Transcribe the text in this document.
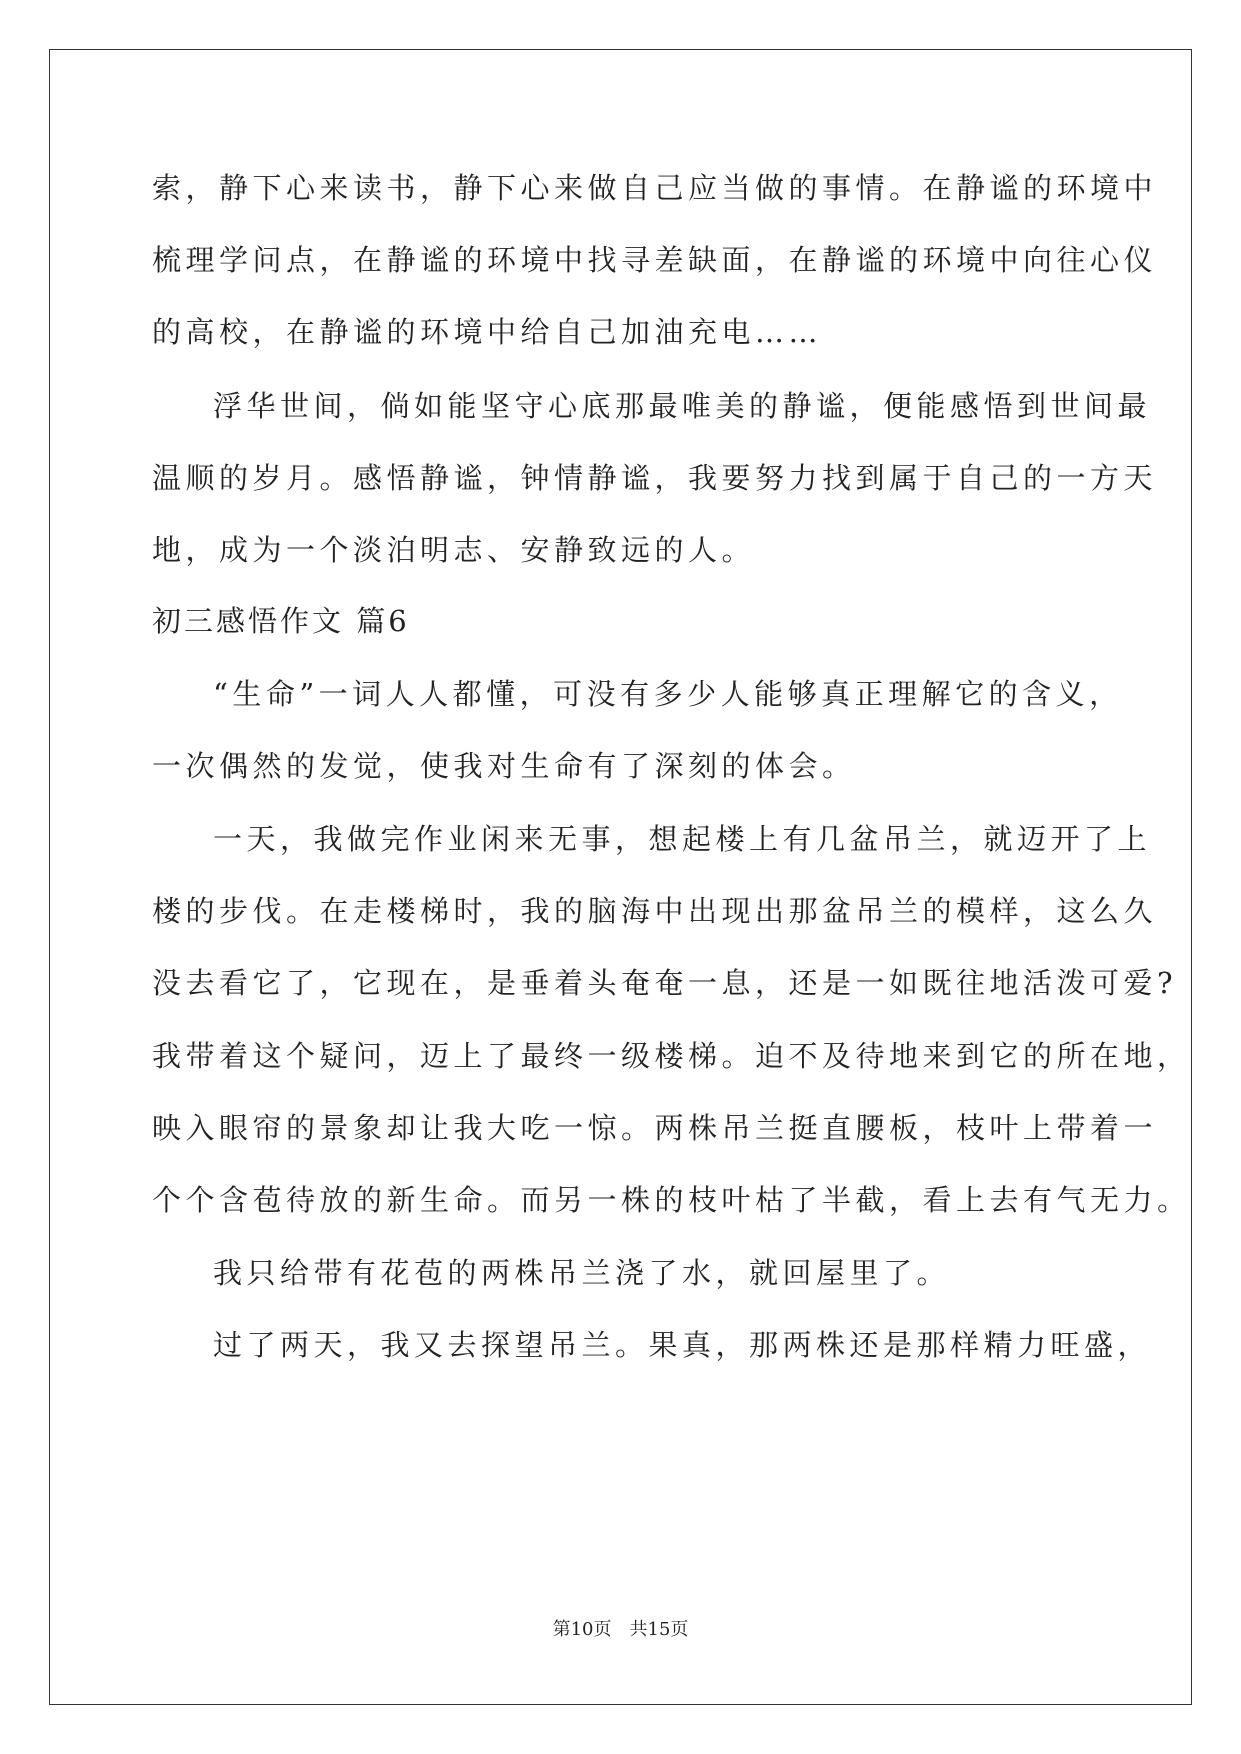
索，静下心来读书，静下心来做自己应当做的事情。在静谧的环境中
梳理学问点，在静谧的环境中找寻差缺面，在静谧的环境中向往心仪
的高校，在静谧的环境中给自己加油充电……
浮华世间，倘如能坚守心底那最唯美的静谧，便能感悟到世间最
温顺的岁月。感悟静谧，钟情静谧，我要努力找到属于自己的一方天
地，成为一个淡泊明志、安静致远的人。
初三感悟作文 篇6
“生命”一词人人都懂，可没有多少人能够真正理解它的含义，
一次偶然的发觉，使我对生命有了深刻的体会。
一天，我做完作业闲来无事，想起楼上有几盆吊兰，就迈开了上
楼的步伐。在走楼梯时，我的脑海中出现出那盆吊兰的模样，这么久
没去看它了，它现在，是垂着头奄奄一息，还是一如既往地活泼可爱?
我带着这个疑问，迈上了最终一级楼梯。迫不及待地来到它的所在地，
映入眼帘的景象却让我大吃一惊。两株吊兰挺直腰板，枝叶上带着一
个个含苞待放的新生命。而另一株的枝叶枯了半截，看上去有气无力。
我只给带有花苞的两株吊兰浇了水，就回屋里了。
过了两天，我又去探望吊兰。果真，那两株还是那样精力旺盛，
第10页　共15页
